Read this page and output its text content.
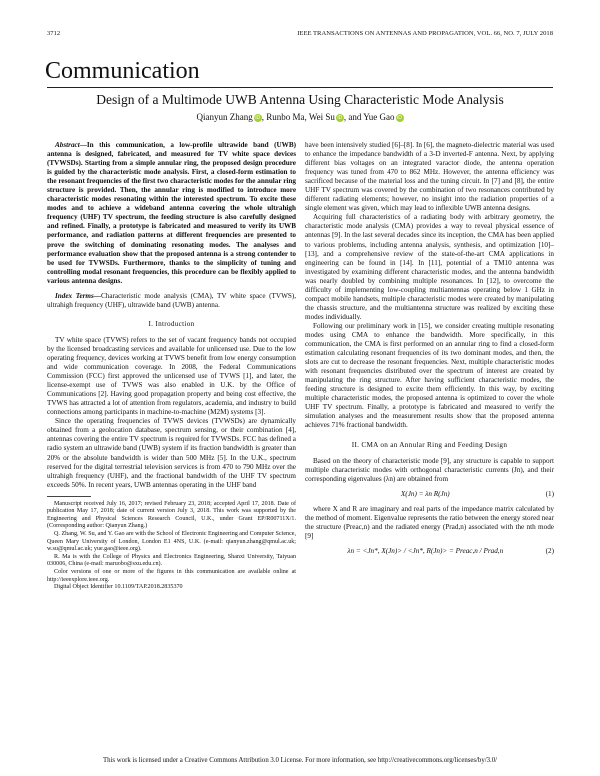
3712	IEEE TRANSACTIONS ON ANTENNAS AND PROPAGATION, VOL. 66, NO. 7, JULY 2018
Communication
Design of a Multimode UWB Antenna Using Characteristic Mode Analysis
Qianyun Zhang iD , Runbo Ma, Wei Su iD , and Yue Gao iD

Abstract—In this communication, a low-profile ultrawide band (UWB) antenna is designed, fabricated, and measured for TV white space devices (TVWSDs). Starting from a simple annular ring, the proposed design procedure is guided by the characteristic mode analysis. First, a closed-form estimation to the resonant frequencies of the first two characteristic modes for the annular ring structure is provided. Then, the annular ring is modified to introduce more characteristic modes resonating within the interested spectrum. To excite these modes and to achieve a wideband antenna covering the whole ultrahigh frequency (UHF) TV spectrum, the feeding structure is also carefully designed and refined. Finally, a prototype is fabricated and measured to verify its UWB performance, and radiation patterns at different frequencies are presented to prove the switching of dominating resonating modes. The analyses and performance evaluation show that the proposed antenna is a strong contender to be used for TVWSDs. Furthermore, thanks to the simplicity of tuning and controlling modal resonant frequencies, this procedure can be flexibly applied to various antenna designs.

Index Terms—Characteristic mode analysis (CMA), TV white space (TVWS), ultrahigh frequency (UHF), ultrawide band (UWB) antenna.

I. Introduction

TV white space (TVWS) refers to the set of vacant frequency bands not occupied by the licensed broadcasting services and available for unlicensed use. Due to the low operating frequency, devices working at TVWS benefit from low energy consumption and wide communication coverage. In 2008, the Federal Communications Commission (FCC) first approved the unlicensed use of TVWS [1], and later, the license-exempt use of TVWS was also enabled in U.K. by the Office of Communications [2]. Having good propagation property and being cost effective, the TVWS has attracted a lot of attention from regulators, academia, and industry to build connections among participants in machine-to-machine (M2M) systems [3].

Since the operating frequencies of TVWS devices (TVWSDs) are dynamically obtained from a geolocation database, spectrum sensing, or their combination [4], antennas covering the entire TV spectrum is required for TVWSDs. FCC has defined a radio system an ultrawide band (UWB) system if its fraction bandwidth is greater than 20% or the absolute bandwidth is wider than 500 MHz [5]. In the U.K., spectrum reserved for the digital terrestrial television services is from 470 to 790 MHz over the ultrahigh frequency (UHF), and the fractional bandwidth of the UHF TV spectrum exceeds 50%. In recent years, UWB antennas operating in the UHF band

Manuscript received July 16, 2017; revised February 23, 2018; accepted April 17, 2018. Date of publication May 17, 2018; date of current version July 3, 2018. This work was supported by the Engineering and Physical Sciences Research Council, U.K., under Grant EP/R00711X/1. (Corresponding author: Qianyun Zhang.)

Q. Zhang, W. Su, and Y. Gao are with the School of Electronic Engineering and Computer Science, Queen Mary University of London, London E1 4NS, U.K. (e-mail: qianyun.zhang@qmul.ac.uk; w.su@qmul.ac.uk; yue.gao@ieee.org).

R. Ma is with the College of Physics and Electronics Engineering, Shanxi University, Taiyuan 030006, China (e-mail: maruobo@sxu.edu.cn).

Color versions of one or more of the figures in this communication are available online at http://ieeexplore.ieee.org.

Digital Object Identifier 10.1109/TAP.2018.2835370

have been intensively studied [6]–[8]. In [6], the magneto-dielectric material was used to enhance the impedance bandwidth of a 3-D inverted-F antenna. Next, by applying different bias voltages on an integrated varactor diode, the antenna operation frequency was tuned from 470 to 862 MHz. However, the antenna efficiency was sacrificed because of the material loss and the tuning circuit. In [7] and [8], the entire UHF TV spectrum was covered by the combination of two resonances contributed by different radiating elements; however, no insight into the radiation properties of a single element was given, which may lead to inflexible UWB antenna designs.

Acquiring full characteristics of a radiating body with arbitrary geometry, the characteristic mode analysis (CMA) provides a way to reveal physical essence of antennas [9]. In the last several decades since its inception, the CMA has been applied to various problems, including antenna analysis, synthesis, and optimization [10]–[13], and a comprehensive review of the state-of-the-art CMA applications in engineering can be found in [14]. In [11], potential of a TM10 antenna was investigated by examining different characteristic modes, and the antenna bandwidth was nearly doubled by combining multiple resonances. In [12], to overcome the difficulty of implementing low-coupling multiantennas operating below 1 GHz in compact mobile handsets, multiple characteristic modes were created by manipulating the chassis structure, and the multiantenna structure was realized by exciting these modes individually.

Following our preliminary work in [15], we consider creating multiple resonating modes using CMA to enhance the bandwidth. More specifically, in this communication, the CMA is first performed on an annular ring to find a closed-form estimation calculating resonant frequencies of its two dominant modes, and then, the slots are cut to decrease the resonant frequencies. Next, multiple characteristic modes with resonant frequencies distributed over the spectrum of interest are created by manipulating the ring structure. After having sufficient characteristic modes, the feeding structure is designed to excite them efficiently. In this way, by exciting multiple characteristic modes, the proposed antenna is optimized to cover the whole UHF TV spectrum. Finally, a prototype is fabricated and measured to verify the simulation analyses and the measurement results show that the proposed antenna achieves 71% fractional bandwidth.

II. CMA on an Annular Ring and Feeding Design

Based on the theory of characteristic mode [9], any structure is capable to support multiple characteristic modes with orthogonal characteristic currents (Jn), and their corresponding eigenvalues (λn) are obtained from

X(Jn) = λn R(Jn)	(1)

where X and R are imaginary and real parts of the impedance matrix calculated by the method of moment. Eigenvalue represents the ratio between the energy stored near the structure (Preac,n) and the radiated energy (Prad,n) associated with the nth mode [9]

λn = <Jn*, X(Jn)> / <Jn*, R(Jn)> = Preac,n / Prad,n	(2)

This work is licensed under a Creative Commons Attribution 3.0 License. For more information, see http://creativecommons.org/licenses/by/3.0/
